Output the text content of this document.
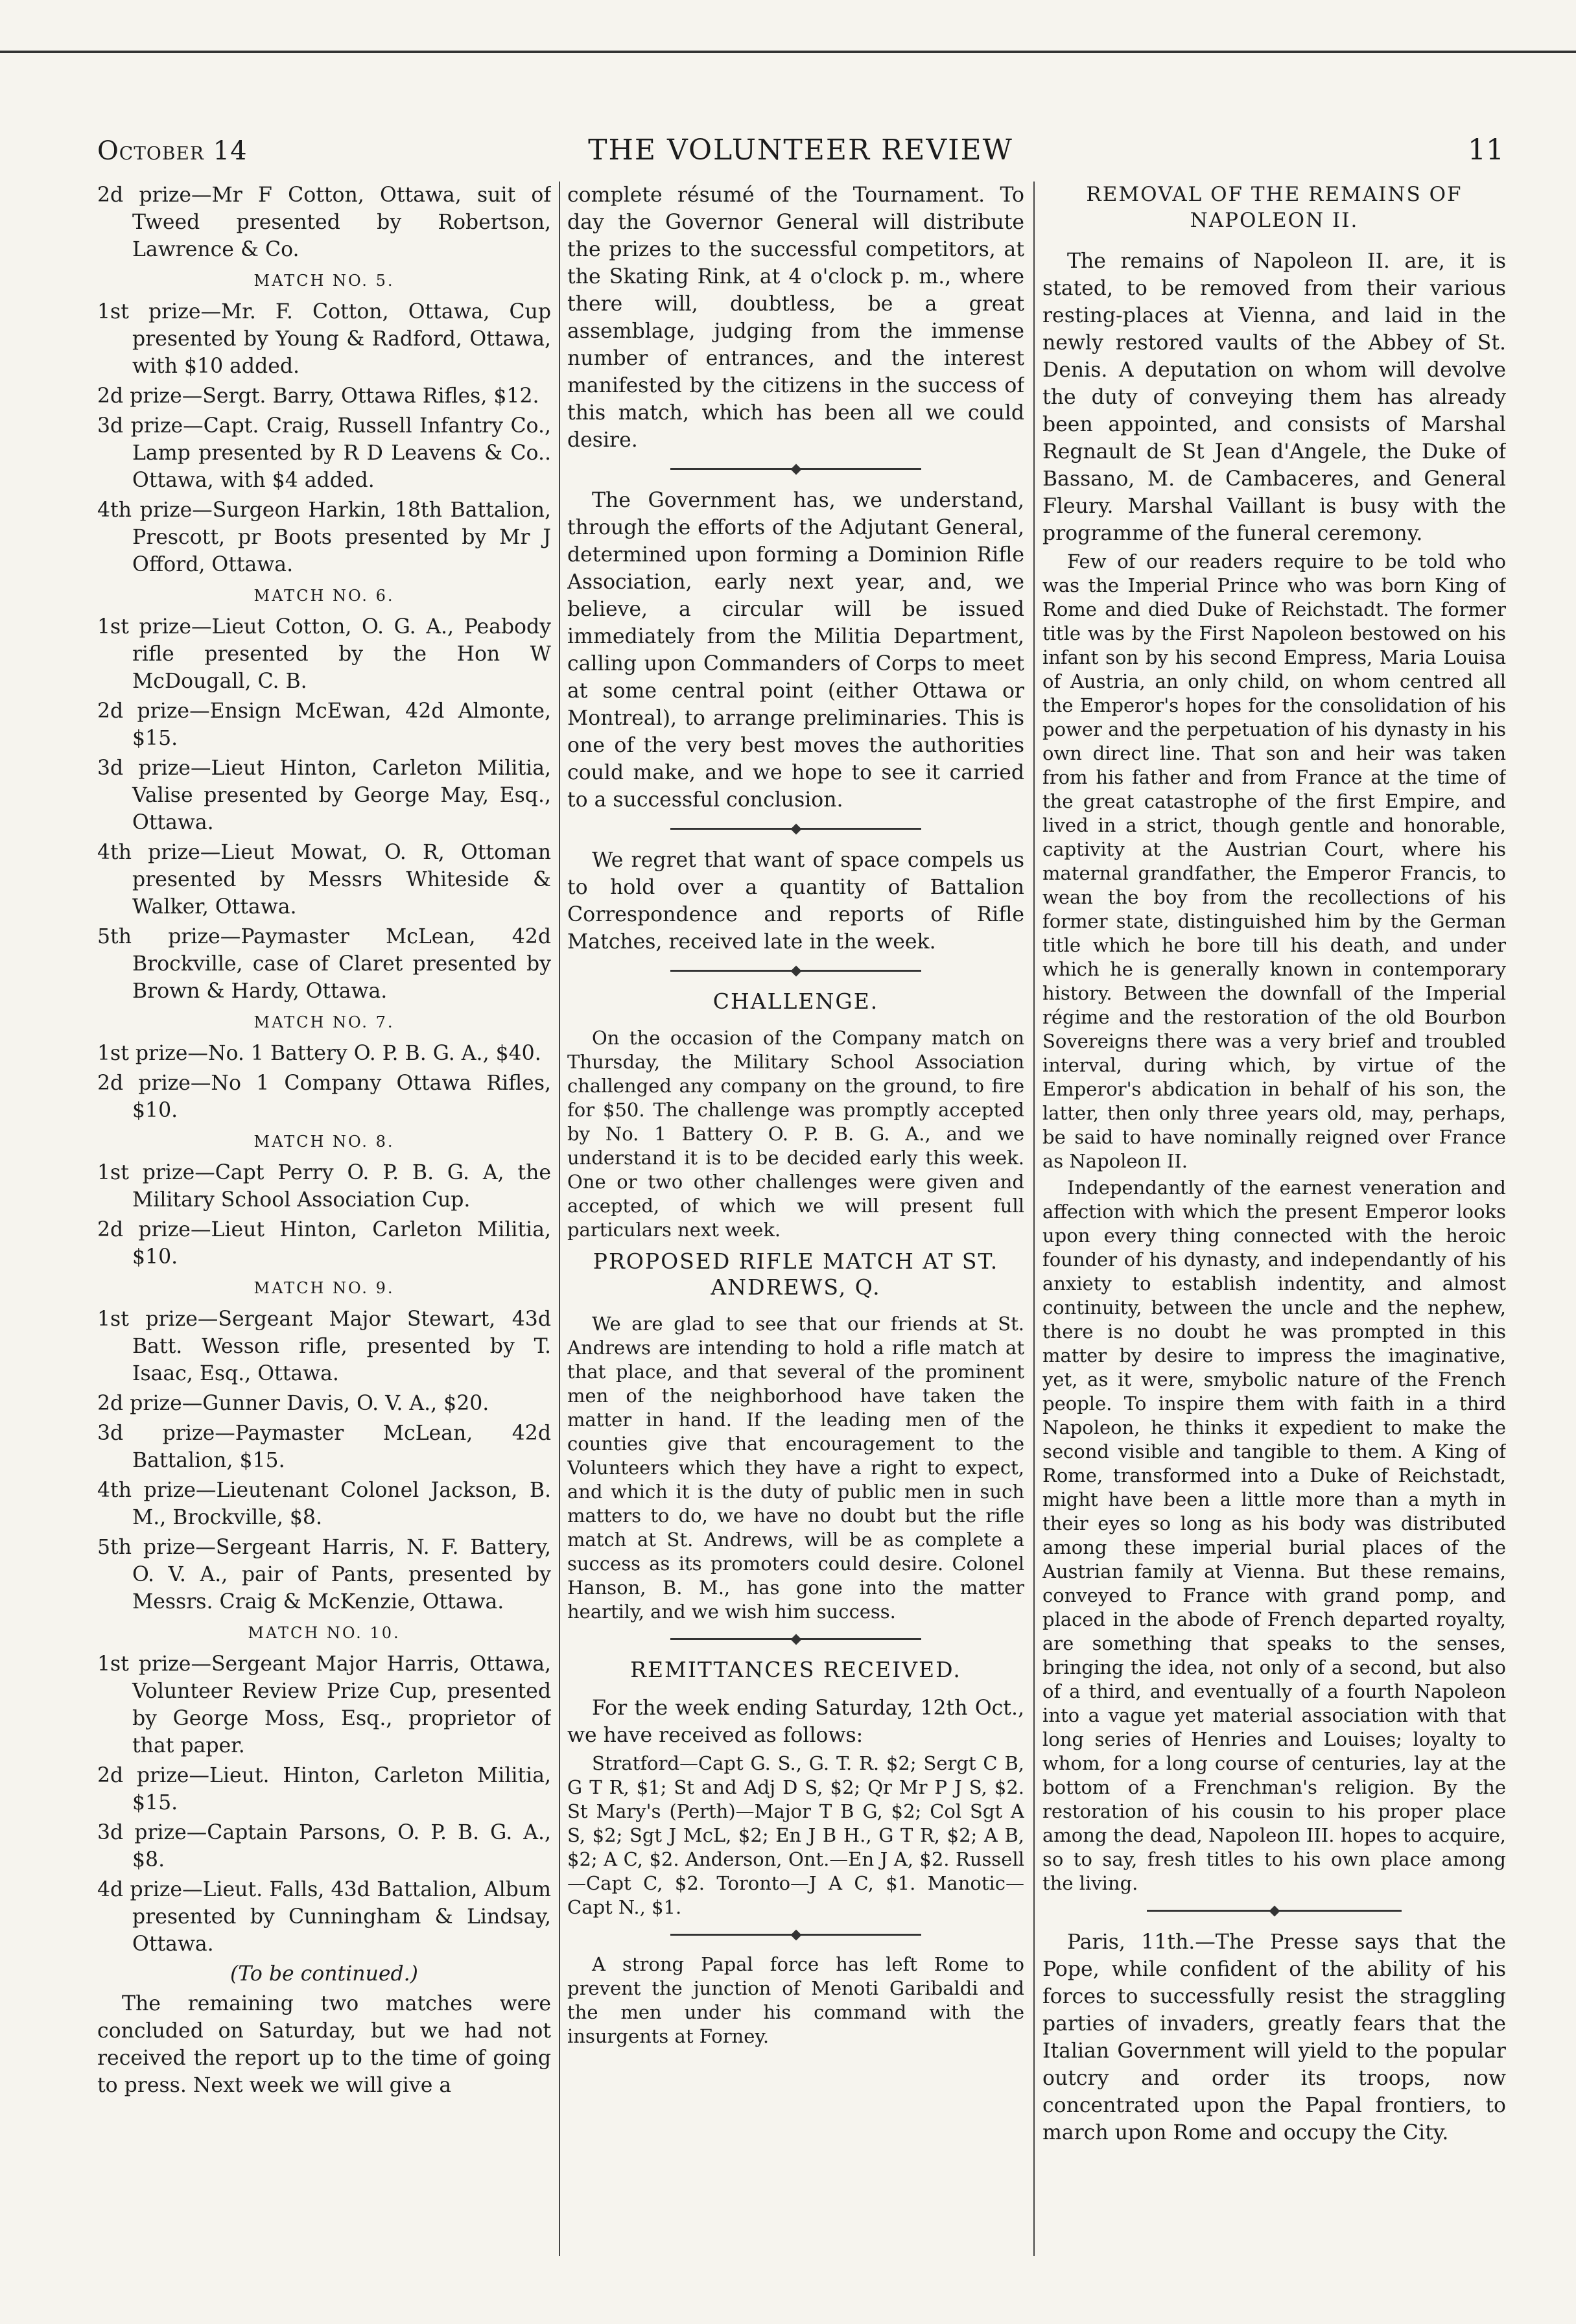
October 14	THE VOLUNTEER REVIEW	11

2d prize—Mr F Cotton, Ottawa, suit of Tweed presented by Robertson, Lawrence & Co.

MATCH NO. 5.

1st prize—Mr. F. Cotton, Ottawa, Cup presented by Young & Radford, Ottawa, with $10 added.

2d prize—Sergt. Barry, Ottawa Rifles, $12.

3d prize—Capt. Craig, Russell Infantry Co., Lamp presented by R D Leavens & Co.. Ottawa, with $4 added.

4th prize—Surgeon Harkin, 18th Battalion, Prescott, pr Boots presented by Mr J Offord, Ottawa.

MATCH NO. 6.

1st prize—Lieut Cotton, O. G. A., Peabody rifle presented by the Hon W McDougall, C. B.

2d prize—Ensign McEwan, 42d Almonte, $15.

3d prize—Lieut Hinton, Carleton Militia, Valise presented by George May, Esq., Ottawa.

4th prize—Lieut Mowat, O. R, Ottoman presented by Messrs Whiteside & Walker, Ottawa.

5th prize—Paymaster McLean, 42d Brockville, case of Claret presented by Brown & Hardy, Ottawa.

MATCH NO. 7.

1st prize—No. 1 Battery O. P. B. G. A., $40.

2d prize—No 1 Company Ottawa Rifles, $10.

MATCH NO. 8.

1st prize—Capt Perry O. P. B. G. A, the Military School Association Cup.

2d prize—Lieut Hinton, Carleton Militia, $10.

MATCH NO. 9.

1st prize—Sergeant Major Stewart, 43d Batt. Wesson rifle, presented by T. Isaac, Esq., Ottawa.

2d prize—Gunner Davis, O. V. A., $20.

3d prize—Paymaster McLean, 42d Battalion, $15.

4th prize—Lieutenant Colonel Jackson, B. M., Brockville, $8.

5th prize—Sergeant Harris, N. F. Battery, O. V. A., pair of Pants, presented by Messrs. Craig & McKenzie, Ottawa.

MATCH NO. 10.

1st prize—Sergeant Major Harris, Ottawa, Volunteer Review Prize Cup, presented by George Moss, Esq., proprietor of that paper.

2d prize—Lieut. Hinton, Carleton Militia, $15.

3d prize—Captain Parsons, O. P. B. G. A., $8.

4d prize—Lieut. Falls, 43d Battalion, Album presented by Cunningham & Lindsay, Ottawa.

(To be continued.)

The remaining two matches were concluded on Saturday, but we had not received the report up to the time of going to press. Next week we will give a

complete résumé of the Tournament. To day the Governor General will distribute the prizes to the successful competitors, at the Skating Rink, at 4 o'clock p. m., where there will, doubtless, be a great assemblage, judging from the immense number of entrances, and the interest manifested by the citizens in the success of this match, which has been all we could desire.

The Government has, we understand, through the efforts of the Adjutant General, determined upon forming a Dominion Rifle Association, early next year, and, we believe, a circular will be issued immediately from the Militia Department, calling upon Commanders of Corps to meet at some central point (either Ottawa or Montreal), to arrange preliminaries. This is one of the very best moves the authorities could make, and we hope to see it carried to a successful conclusion.

We regret that want of space compels us to hold over a quantity of Battalion Correspondence and reports of Rifle Matches, received late in the week.

CHALLENGE.

On the occasion of the Company match on Thursday, the Military School Association challenged any company on the ground, to fire for $50. The challenge was promptly accepted by No. 1 Battery O. P. B. G. A., and we understand it is to be decided early this week. One or two other challenges were given and accepted, of which we will present full particulars next week.

PROPOSED RIFLE MATCH AT ST. ANDREWS, Q.

We are glad to see that our friends at St. Andrews are intending to hold a rifle match at that place, and that several of the prominent men of the neighborhood have taken the matter in hand. If the leading men of the counties give that encouragement to the Volunteers which they have a right to expect, and which it is the duty of public men in such matters to do, we have no doubt but the rifle match at St. Andrews, will be as complete a success as its promoters could desire. Colonel Hanson, B. M., has gone into the matter heartily, and we wish him success.

REMITTANCES RECEIVED.

For the week ending Saturday, 12th Oct., we have received as follows:

Stratford—Capt G. S., G. T. R. $2; Sergt C B, G T R, $1; St and Adj D S, $2; Qr Mr P J S, $2. St Mary's (Perth)—Major T B G, $2; Col Sgt A S, $2; Sgt J McL, $2; En J B H., G T R, $2; A B, $2; A C, $2. Anderson, Ont.—En J A, $2. Russell—Capt C, $2. Toronto—J A C, $1. Manotic—Capt N., $1.

A strong Papal force has left Rome to prevent the junction of Menoti Garibaldi and the men under his command with the insurgents at Forney.

REMOVAL OF THE REMAINS OF NAPOLEON II.

The remains of Napoleon II. are, it is stated, to be removed from their various resting-places at Vienna, and laid in the newly restored vaults of the Abbey of St. Denis. A deputation on whom will devolve the duty of conveying them has already been appointed, and consists of Marshal Regnault de St Jean d'Angele, the Duke of Bassano, M. de Cambaceres, and General Fleury. Marshal Vaillant is busy with the programme of the funeral ceremony.

Few of our readers require to be told who was the Imperial Prince who was born King of Rome and died Duke of Reichstadt. The former title was by the First Napoleon bestowed on his infant son by his second Empress, Maria Louisa of Austria, an only child, on whom centred all the Emperor's hopes for the consolidation of his power and the perpetuation of his dynasty in his own direct line. That son and heir was taken from his father and from France at the time of the great catastrophe of the first Empire, and lived in a strict, though gentle and honorable, captivity at the Austrian Court, where his maternal grandfather, the Emperor Francis, to wean the boy from the recollections of his former state, distinguished him by the German title which he bore till his death, and under which he is generally known in contemporary history. Between the downfall of the Imperial régime and the restoration of the old Bourbon Sovereigns there was a very brief and troubled interval, during which, by virtue of the Emperor's abdication in behalf of his son, the latter, then only three years old, may, perhaps, be said to have nominally reigned over France as Napoleon II.

Independantly of the earnest veneration and affection with which the present Emperor looks upon every thing connected with the heroic founder of his dynasty, and independantly of his anxiety to establish indentity, and almost continuity, between the uncle and the nephew, there is no doubt he was prompted in this matter by desire to impress the imaginative, yet, as it were, smybolic nature of the French people. To inspire them with faith in a third Napoleon, he thinks it expedient to make the second visible and tangible to them. A King of Rome, transformed into a Duke of Reichstadt, might have been a little more than a myth in their eyes so long as his body was distributed among these imperial burial places of the Austrian family at Vienna. But these remains, conveyed to France with grand pomp, and placed in the abode of French departed royalty, are something that speaks to the senses, bringing the idea, not only of a second, but also of a third, and eventually of a fourth Napoleon into a vague yet material association with that long series of Henries and Louises; loyalty to whom, for a long course of centuries, lay at the bottom of a Frenchman's religion. By the restoration of his cousin to his proper place among the dead, Napoleon III. hopes to acquire, so to say, fresh titles to his own place among the living.

Paris, 11th.—The Presse says that the Pope, while confident of the ability of his forces to successfully resist the straggling parties of invaders, greatly fears that the Italian Government will yield to the popular outcry and order its troops, now concentrated upon the Papal frontiers, to march upon Rome and occupy the City.
